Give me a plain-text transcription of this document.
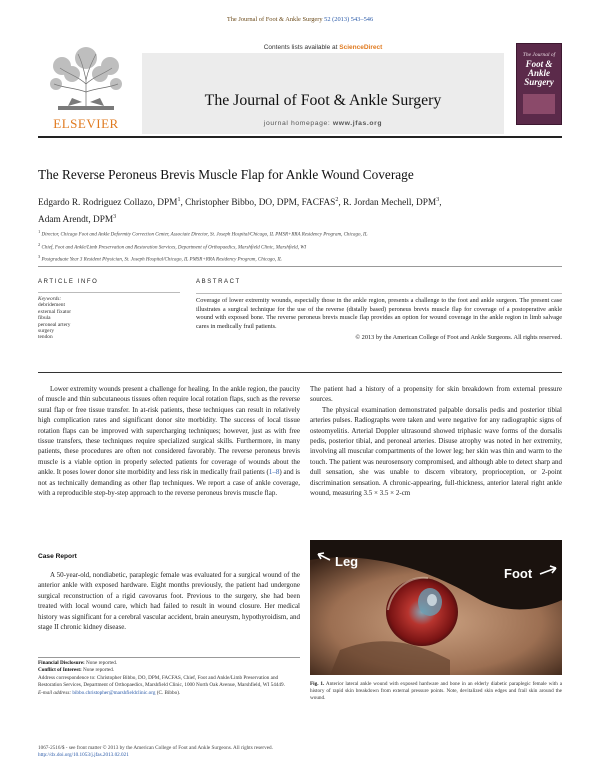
The Journal of Foot & Ankle Surgery 52 (2013) 543–546
ELSEVIER
Contents lists available at ScienceDirect
The Journal of Foot & Ankle Surgery
journal homepage: www.jfas.org
The Journal of
Foot & Ankle Surgery
The Reverse Peroneus Brevis Muscle Flap for Ankle Wound Coverage
Edgardo R. Rodriguez Collazo, DPM$^1$, Christopher Bibbo, DO, DPM, FACFAS$^2$, R. Jordan Mechell, DPM$^3$,
Adam Arendt, DPM$^3$
$^1$ Director, Chicago Foot and Ankle Deformity Correction Center, Associate Director, St. Joseph Hospital/Chicago, IL PMSR+RRA Residency Program, Chicago, IL
$^2$ Chief, Foot and Ankle/Limb Preservation and Restoration Services, Department of Orthopaedics, Marshfield Clinic, Marshfield, WI
$^3$ Postgraduate Year 3 Resident Physician, St. Joseph Hospital/Chicago, IL PMSR+RRA Residency Program, Chicago, IL
ARTICLE INFO	ABSTRACT
Keywords:
debridement
external fixator
fibula
peroneal artery
surgery
tendon

Coverage of lower extremity wounds, especially those in the ankle region, presents a challenge to the foot and ankle surgeon. The present case illustrates a surgical technique for the use of the reverse (distally based) peroneus brevis muscle flap for coverage of a postoperative ankle wound with exposed bone. The reverse peroneus brevis muscle flap provides an option for wound coverage in the ankle region in limb salvage cares in medically frail patients.

© 2013 by the American College of Foot and Ankle Surgeons. All rights reserved.

Lower extremity wounds present a challenge for healing. In the ankle region, the paucity of muscle and thin subcutaneous tissues often require local rotation flaps, such as the reverse sural flap or free tissue transfer. In at-risk patients, these techniques can result in relatively high complication rates and significant donor site morbidity. The success of local tissue rotation flaps can be improved with supercharging techniques; however, just as with free tissue transfers, these techniques require specialized surgical skills. Furthermore, in many patients, these procedures are often not considered favorably. The reverse peroneus brevis muscle is a viable option in properly selected patients for coverage of wounds about the ankle. It poses lower donor site morbidity and less risk in medically frail patients (1–8) and is not as technically demanding as other flap techniques. We report a case of ankle coverage, with a reproducible step-by-step approach to the reverse peroneus brevis muscle flap.

Case Report

A 50-year-old, nondiabetic, paraplegic female was evaluated for a surgical wound of the anterior ankle with exposed hardware. Eight months previously, the patient had undergone surgical reconstruction of a rigid cavovarus foot. Previous to the surgery, she had been treated with local wound care, which had failed to result in wound closure. Her medical history was significant for a cerebral vascular accident, brain aneurysm, hypothyroidism, and stage II chronic kidney disease.

The patient had a history of a propensity for skin breakdown from external pressure sources.

The physical examination demonstrated palpable dorsalis pedis and posterior tibial arteries pulses. Radiographs were taken and were negative for any radiographic signs of osteomyelitis. Arterial Doppler ultrasound showed triphasic wave forms of the dorsalis pedis, posterior tibial, and peroneal arteries. Disuse atrophy was noted in her extremity, involving all muscular compartments of the lower leg; her skin was thin and warm to the touch. The patient was neurosensory compromised, and although able to detect sharp and dull sensation, she was unable to discern vibratory, proprioception, or 2-point discrimination sensation. A chronic-appearing, full-thickness, anterior lateral right ankle wound, measuring 3.5 × 3.5 × 2-cm

Leg
Foot
Fig. 1. Anterior lateral ankle wound with exposed hardware and bone in an elderly diabetic paraplegic female with a history of rapid skin breakdown from external pressure points. Note, devitalized skin edges and frail skin around the wound.
Financial Disclosure: None reported.
Conflict of Interest: None reported.
Address correspondence to: Christopher Bibbo, DO, DPM, FACFAS, Chief, Foot and Ankle/Limb Preservation and Restoration Services, Department of Orthopaedics, Marshfield Clinic, 1000 North Oak Avenue, Marshfield, WI 54449.
E-mail address: bibbo.christopher@marshfieldclinic.org (C. Bibbo).
1067-2516/$ - see front matter © 2013 by the American College of Foot and Ankle Surgeons. All rights reserved.
http://dx.doi.org/10.1053/j.jfas.2013.02.021
